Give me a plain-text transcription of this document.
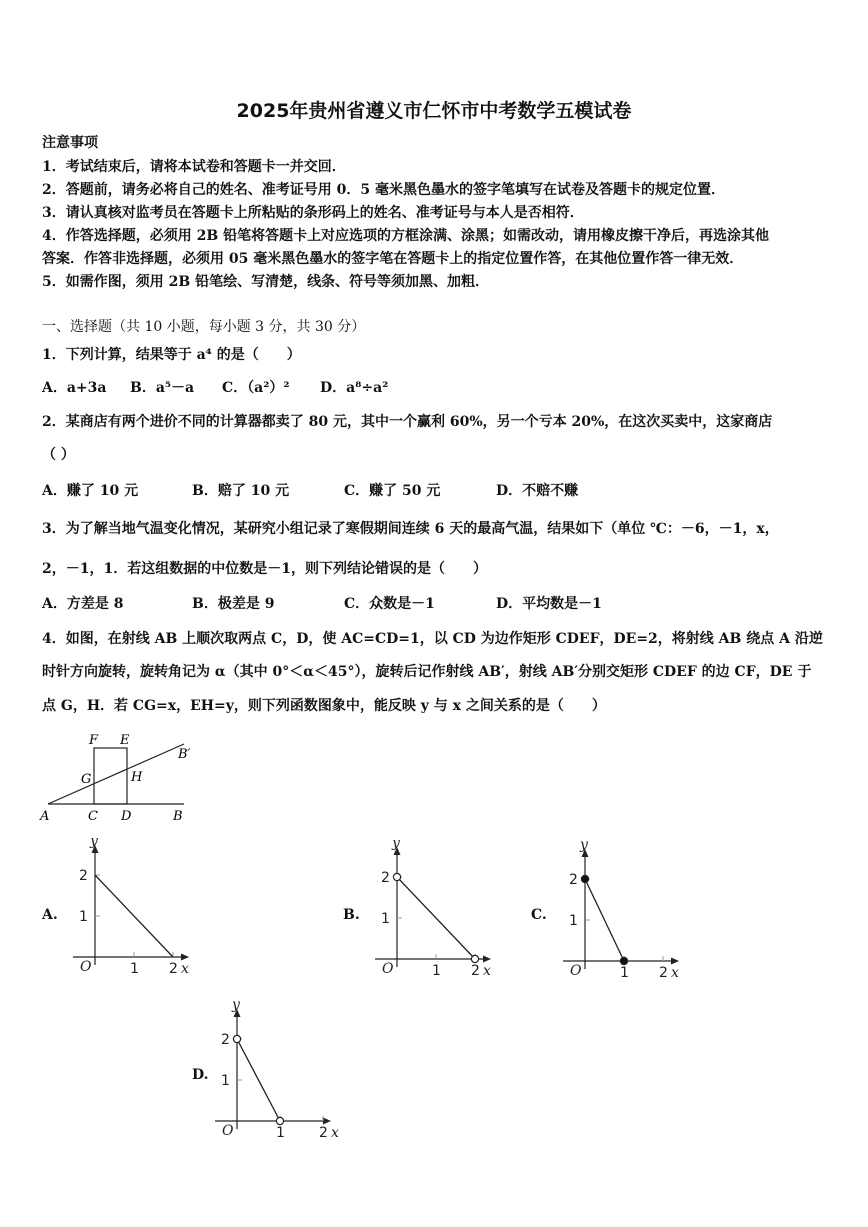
2025年贵州省遵义市仁怀市中考数学五模试卷
注意事项
1．考试结束后，请将本试卷和答题卡一并交回．
2．答题前，请务必将自己的姓名、准考证号用 0．5 毫米黑色墨水的签字笔填写在试卷及答题卡的规定位置．
3．请认真核对监考员在答题卡上所粘贴的条形码上的姓名、准考证号与本人是否相符．
4．作答选择题，必须用 2B 铅笔将答题卡上对应选项的方框涂满、涂黑；如需改动，请用橡皮擦干净后，再选涂其他
答案．作答非选择题，必须用 05 毫米黑色墨水的签字笔在答题卡上的指定位置作答，在其他位置作答一律无效．
5．如需作图，须用 2B 铅笔绘、写清楚，线条、符号等须加黑、加粗．
一、选择题（共 10 小题，每小题 3 分，共 30 分）
1．下列计算，结果等于 a⁴ 的是（　　）
A．a+3a B．a⁵－a C．（a²）² D．a⁸÷a²
2．某商店有两个进价不同的计算器都卖了 80 元，其中一个赢利 60%，另一个亏本 20%，在这次买卖中，这家商店
（ ）
A．赚了 10 元	B．赔了 10 元	C．赚了 50 元	D．不赔不赚
3．为了解当地气温变化情况，某研究小组记录了寒假期间连续 6 天的最高气温，结果如下（单位 ℃：－6，－1，x，
2，－1，1．若这组数据的中位数是－1，则下列结论错误的是（　　）
A．方差是 8	B．极差是 9	C．众数是－1	D．平均数是－1
4．如图，在射线 AB 上顺次取两点 C，D，使 AC=CD=1，以 CD 为边作矩形 CDEF，DE=2，将射线 AB 绕点 A 沿逆
时针方向旋转，旋转角记为 α（其中 0°＜α＜45°），旋转后记作射线 AB′，射线 AB′分别交矩形 CDEF 的边 CF，DE 于
点 G，H．若 CG=x，EH=y，则下列函数图象中，能反映 y 与 x 之间关系的是（　　）
A	C D	B
F E
G	H
B′
A.	B.	C.
D.
O	1 2 x
1
2
y
O	1 2 x
1
2
y
O	1 2 x
1
2
y
O	1 2 x
1
2
y
